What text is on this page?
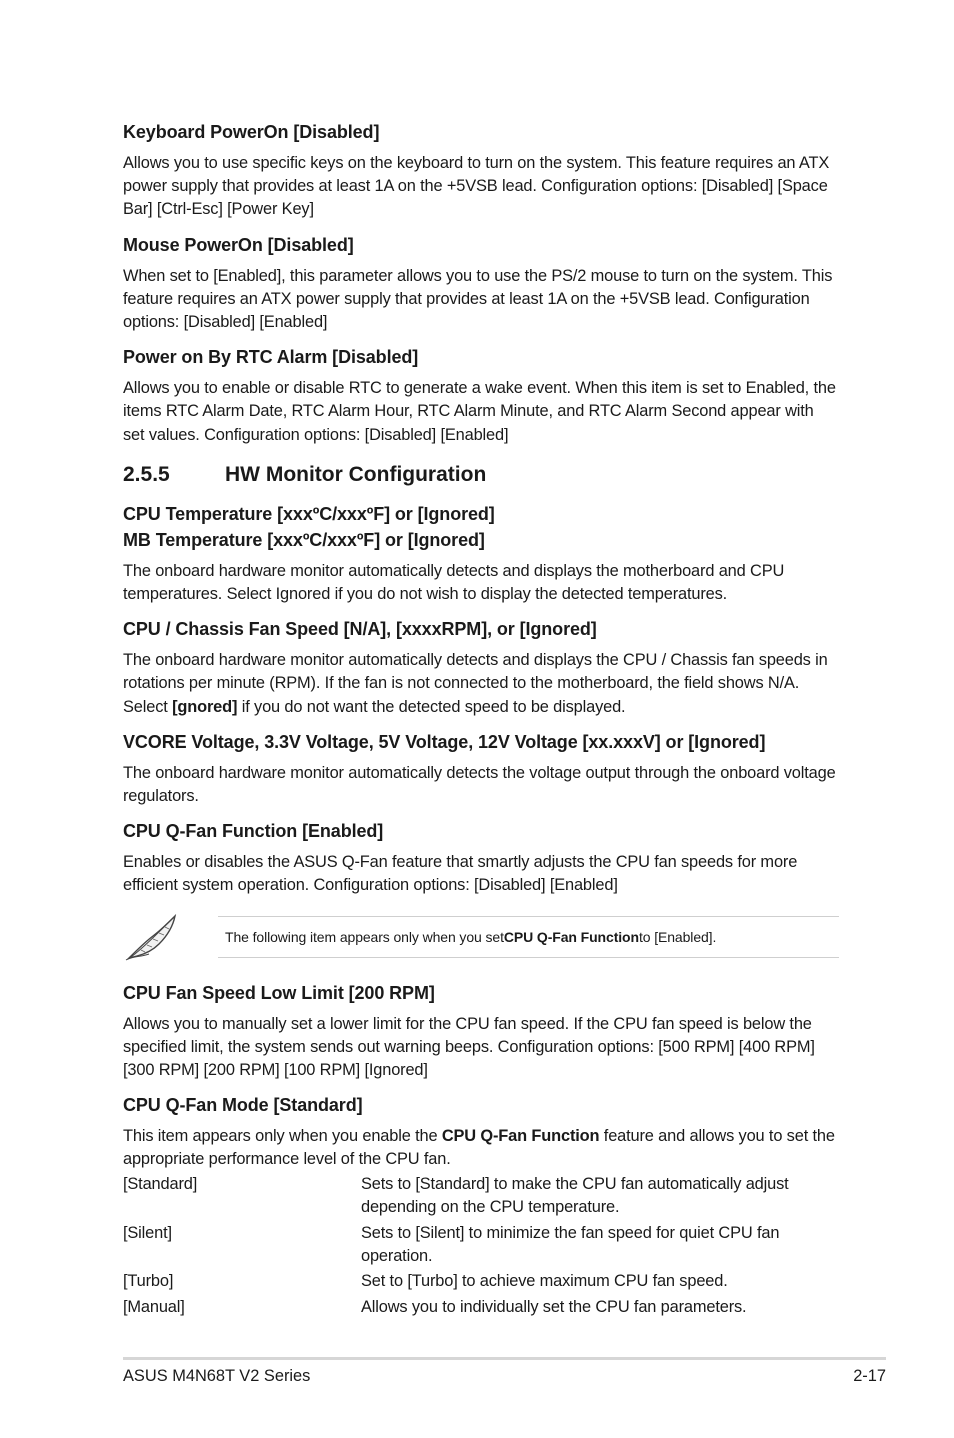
Keyboard PowerOn [Disabled]

Allows you to use specific keys on the keyboard to turn on the system. This feature requires an ATX power supply that provides at least 1A on the +5VSB lead. Configuration options: [Disabled] [Space Bar] [Ctrl-Esc] [Power Key]

Mouse PowerOn [Disabled]

When set to [Enabled], this parameter allows you to use the PS/2 mouse to turn on the system. This feature requires an ATX power supply that provides at least 1A on the +5VSB lead. Configuration options: [Disabled] [Enabled]

Power on By RTC Alarm [Disabled]

Allows you to enable or disable RTC to generate a wake event. When this item is set to Enabled, the items RTC Alarm Date, RTC Alarm Hour, RTC Alarm Minute, and RTC Alarm Second appear with set values. Configuration options: [Disabled] [Enabled]

2.5.5	HW Monitor Configuration
CPU Temperature [xxxºC/xxxºF] or [Ignored]
MB Temperature [xxxºC/xxxºF] or [Ignored]

The onboard hardware monitor automatically detects and displays the motherboard and CPU temperatures. Select Ignored if you do not wish to display the detected temperatures.

CPU / Chassis Fan Speed [N/A], [xxxxRPM], or [Ignored]

The onboard hardware monitor automatically detects and displays the CPU / Chassis fan speeds in rotations per minute (RPM). If the fan is not connected to the motherboard, the field shows N/A. Select [gnored] if you do not want the detected speed to be displayed.

VCORE Voltage, 3.3V Voltage, 5V Voltage, 12V Voltage [xx.xxxV] or [Ignored]

The onboard hardware monitor automatically detects the voltage output through the onboard voltage regulators.

CPU Q-Fan Function [Enabled]

Enables or disables the ASUS Q-Fan feature that smartly adjusts the CPU fan speeds for more efficient system operation. Configuration options: [Disabled] [Enabled]

The following item appears only when you set CPU Q-Fan Function to [Enabled].
CPU Fan Speed Low Limit [200 RPM]

Allows you to manually set a lower limit for the CPU fan speed. If the CPU fan speed is below the specified limit, the system sends out warning beeps. Configuration options: [500 RPM] [400 RPM] [300 RPM] [200 RPM] [100 RPM] [Ignored]

CPU Q-Fan Mode [Standard]

This item appears only when you enable the CPU Q-Fan Function feature and allows you to set the appropriate performance level of the CPU fan.

[Standard]	Sets to [Standard] to make the CPU fan automatically adjust depending on the CPU temperature.
[Silent]	Sets to [Silent] to minimize the fan speed for quiet CPU fan operation.
[Turbo]	Set to [Turbo] to achieve maximum CPU fan speed.
[Manual]	Allows you to individually set the CPU fan parameters.
ASUS M4N68T V2 Series	2-17
